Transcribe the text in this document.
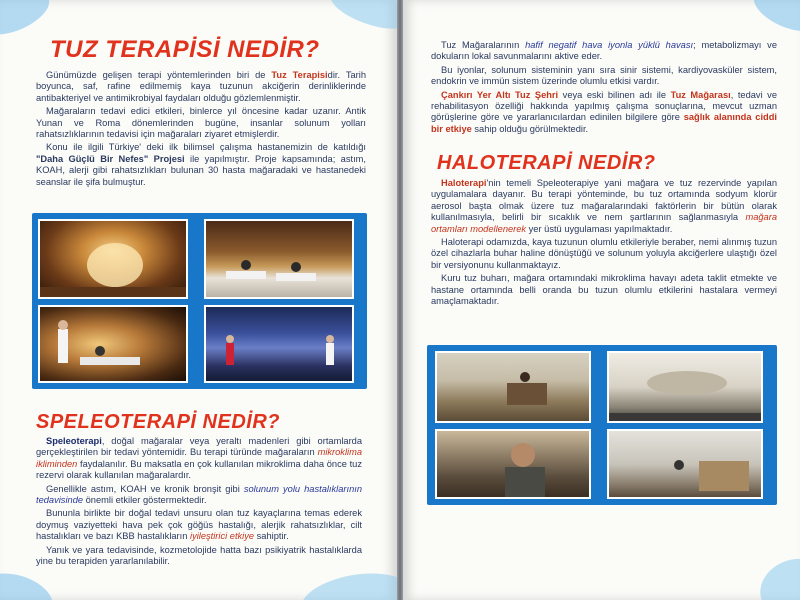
TUZ TERAPİSİ NEDİR?

Günümüzde gelişen terapi yöntemlerinden biri de Tuz Terapisidir. Tarih boyunca, saf, rafine edilmemiş kaya tuzunun akciğerin derinliklerinde antibakteriyel ve antimikrobiyal faydaları olduğu gözlemlenmiştir.

Mağaraların tedavi edici etkileri, binlerce yıl öncesine kadar uzanır. Antik Yunan ve Roma dönemlerinden bugüne, insanlar solunum yolları rahatsızlıklarının tedavisi için mağaraları ziyaret etmişlerdir.

Konu ile ilgili Türkiye' deki ilk bilimsel çalışma hastanemizin de katıldığı "Daha Güçlü Bir Nefes" Projesi ile yapılmıştır. Proje kapsamında; astım, KOAH, alerji gibi rahatsızlıkları bulunan 30 hasta mağaradaki ve hastanedeki seanslar ile şifa bulmuştur.

SPELEOTERAPİ NEDİR?

Speleoterapi, doğal mağaralar veya yeraltı madenleri gibi ortamlarda gerçekleştirilen bir tedavi yöntemidir. Bu terapi türünde mağaraların mikroklima ikliminden faydalanılır. Bu maksatla en çok kullanılan mikroklima daha önce tuz rezervi olarak kullanılan mağaralardır.

Genellikle astım, KOAH ve kronik bronşit gibi solunum yolu hastalıklarının tedavisinde önemli etkiler göstermektedir.

Bununla birlikte bir doğal tedavi unsuru olan tuz kayaçlarına temas ederek doymuş vaziyetteki hava pek çok göğüs hastalığı, alerjik rahatsızlıklar, cilt hastalıkları ve bazı KBB hastalıkların iyileştirici etkiye sahiptir.

Yanık ve yara tedavisinde, kozmetolojide hatta bazı psikiyatrik hastalıklarda yine bu terapiden yararlanılabilir.

Tuz Mağaralarının hafif negatif hava iyonla yüklü havası; metabolizmayı ve dokuların lokal savunmalarını aktive eder.

Bu iyonlar, solunum sisteminin yanı sıra sinir sistemi, kardiyovasküler sistem, endokrin ve immün sistem üzerinde olumlu etkisi vardır.

Çankırı Yer Altı Tuz Şehri veya eski bilinen adı ile Tuz Mağarası, tedavi ve rehabilitasyon özelliği hakkında yapılmış çalışma sonuçlarına, mevcut uzman görüşlerine göre ve yararlanıcılardan edinilen bilgilere göre sağlık alanında ciddi bir etkiye sahip olduğu görülmektedir.

HALOTERAPİ NEDİR?

Haloterapi'nin temeli Speleoterapiye yani mağara ve tuz rezervinde yapılan uygulamalara dayanır. Bu terapi yönteminde, bu tuz ortamında sodyum klorür aerosol başta olmak üzere tuz mağaralarındaki faktörlerin bir bütün olarak kullanılmasıyla, belirli bir sıcaklık ve nem şartlarının sağlanmasıyla mağara ortamları modellenerek yer üstü uygulaması yapılmaktadır.

Haloterapi odamızda, kaya tuzunun olumlu etkileriyle beraber, nemi alınmış tuzun özel cihazlarla buhar haline dönüştüğü ve solunum yoluyla akciğerlere ulaştığı özel bir versiyonunu kullanmaktayız.

Kuru tuz buharı, mağara ortamındaki mikroklima havayı adeta taklit etmekte ve hastane ortamında belli oranda bu tuzun olumlu etkilerini hastalara vermeyi amaçlamaktadır.
